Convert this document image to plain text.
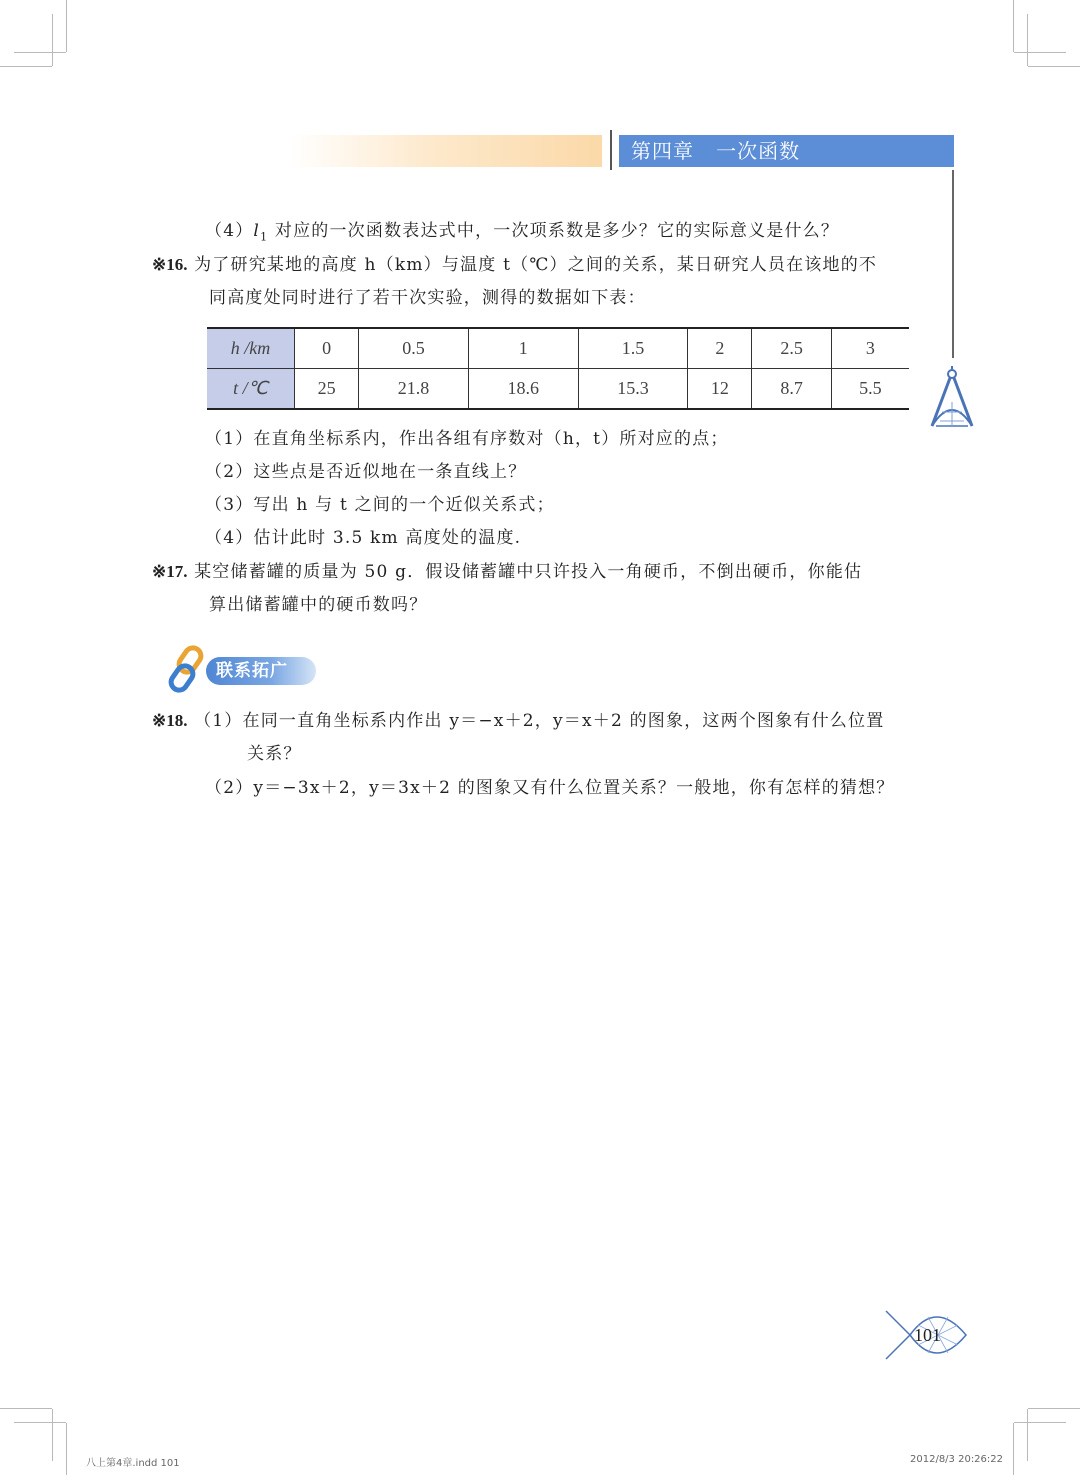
第四章 一次函数
$(4)l_1$ 对应的一次函数表达式中，一次项系数是多少？它的实际意义是什么？
※16. 为了研究某地的高度 h（km）与温度 t（℃）之间的关系，某日研究人员在该地的不
同高度处同时进行了若干次实验，测得的数据如下表：
h /km	0	0.5	1	1.5	2	2.5	3
t /℃	25	21.8	18.6	15.3	12	8.7	5.5
（1）在直角坐标系内，作出各组有序数对（h，t）所对应的点；
（2）这些点是否近似地在一条直线上？
（3）写出 h 与 t 之间的一个近似关系式；
（4）估计此时 3.5 km 高度处的温度.
※17. 某空储蓄罐的质量为 50 g．假设储蓄罐中只许投入一角硬币，不倒出硬币，你能估
算出储蓄罐中的硬币数吗？
联系拓广
※18. （1）在同一直角坐标系内作出 y＝−x＋2，y＝x＋2 的图象，这两个图象有什么位置
关系？
（2）y＝−3x＋2，y＝3x＋2 的图象又有什么位置关系？一般地，你有怎样的猜想？
101
八上第4章.indd 101	2012/8/3 20:26:22
